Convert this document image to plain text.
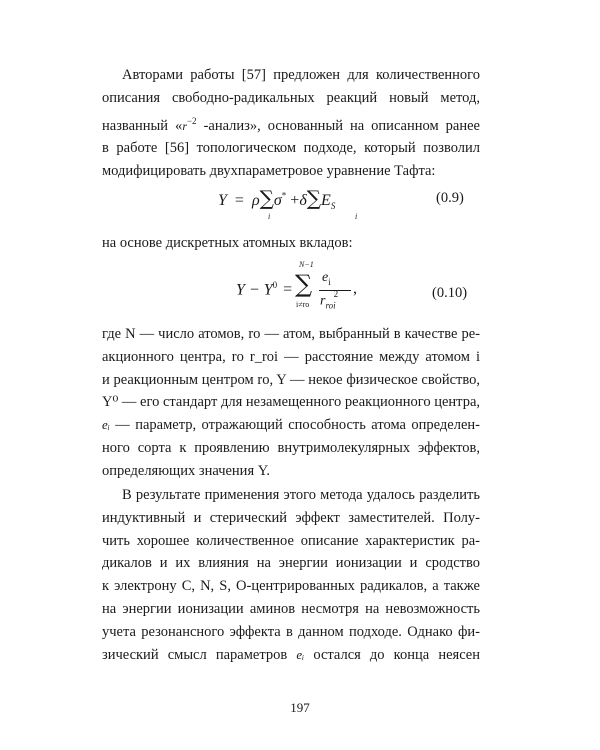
Авторами работы [57] предложен для количественного
описания свободно-радикальных реакций новый метод,
названный «$r^{-2}$ -анализ», основанный на описанном ранее
в работе [56] топологическом подходе, который позволил
модифицировать двухпараметровое уравнение Тафта:
$Y = \rho\sum\sigma^* +\delta\sum E_S$
i	i
(0.9)
на основе дискретных атомных вкладов:
$Y - Y^0$ =
N−1
∑
i≠ro
$e_i$
$r_{roi}^2$ ,	(0.10)
где N — число атомов, ro — атом, выбранный в качестве ре-
акционного центра, ro r_roi — расстояние между атомом i
и реакционным центром ro, Y — некое физическое свойство,
Y⁰ — его стандарт для незамещенного реакционного центра,
eᵢ — параметр, отражающий способность атома определен-
ного сорта к проявлению внутримолекулярных эффектов,
определяющих значения Y.
В результате применения этого метода удалось разделить
индуктивный и стерический эффект заместителей. Полу-
чить хорошее количественное описание характеристик ра-
дикалов и их влияния на энергии ионизации и сродство
к электрону C, N, S, O-центрированных радикалов, а также
на энергии ионизации аминов несмотря на невозможность
учета резонансного эффекта в данном подходе. Однако фи-
зический смысл параметров eᵢ остался до конца неясен
197
